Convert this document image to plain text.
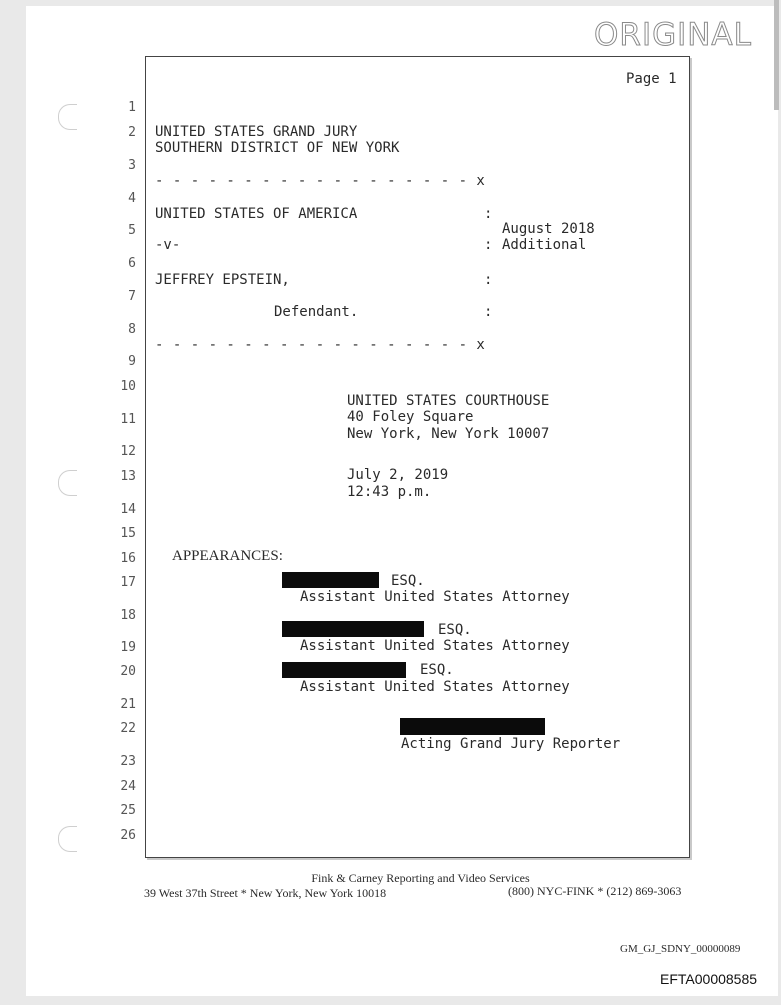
ORIGINAL
Page 1
1
2
3
4
5
6
7
8
9
10
11
12
13
14
15
16
17
18
19
20
21
22
23
24
25
26
UNITED STATES GRAND JURY
SOUTHERN DISTRICT OF NEW YORK
- - - - - - - - - - - - - - - - - - x
UNITED STATES OF AMERICA	:
August 2018
-v-	: Additional
JEFFREY EPSTEIN,	:
Defendant.	:
- - - - - - - - - - - - - - - - - - x
UNITED STATES COURTHOUSE
40 Foley Square
New York, New York 10007
July 2, 2019
12:43 p.m.
APPEARANCES:
ESQ.
Assistant United States Attorney
ESQ.
Assistant United States Attorney
ESQ.
Assistant United States Attorney
Acting Grand Jury Reporter
Fink & Carney Reporting and Video Services
39 West 37th Street * New York, New York 10018	(800) NYC-FINK * (212) 869-3063
GM_GJ_SDNY_00000089
EFTA00008585
